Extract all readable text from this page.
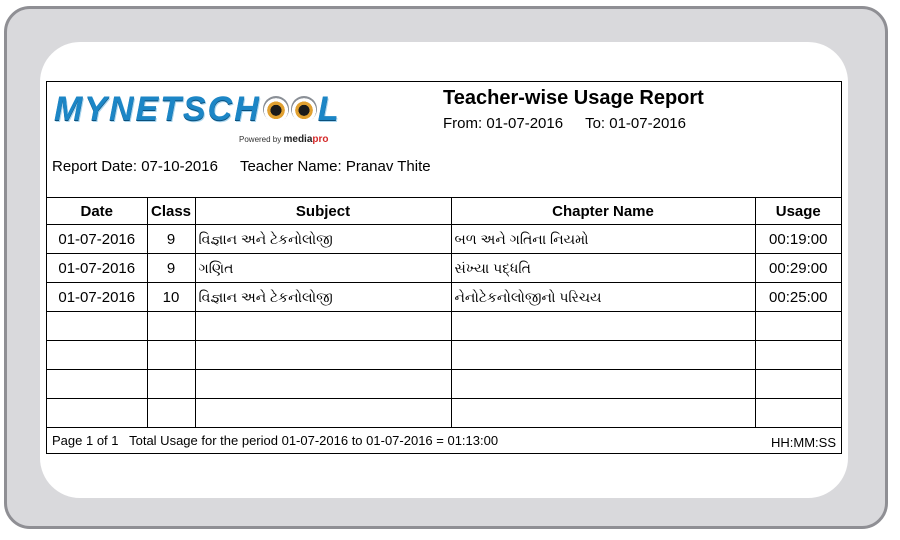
MYNETSCH L
Powered by mediapro
Teacher-wise Usage Report
From: 01-07-2016 To: 01-07-2016
Report Date: 07-10-2016 Teacher Name: Pranav Thite
Date	Class	Subject	Chapter Name	Usage
01-07-2016	9	વિજ્ઞાન અને ટેકનોલોજી	બળ અને ગતિના નિયમો	00:19:00
01-07-2016	9	ગણિત	સંખ્યા પદ્ધતિ	00:29:00
01-07-2016	10	વિજ્ઞાન અને ટેકનોલોજી	નેનોટેકનોલોજીનો પરિચય	00:25:00

Page 1 of 1 Total Usage for the period 01-07-2016 to 01-07-2016 = 01:13:00	HH:MM:SS
